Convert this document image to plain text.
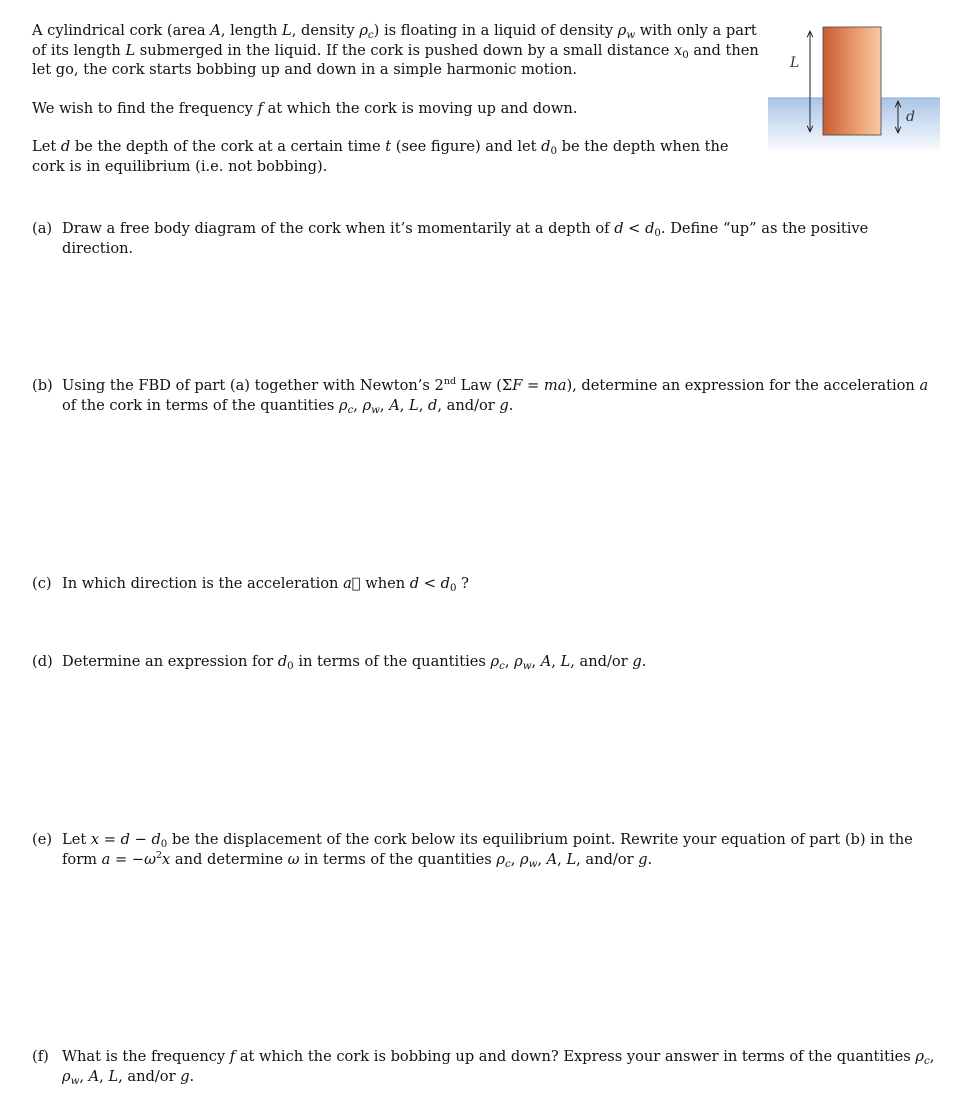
A cylindrical cork (area A, length L, density $\rho_c$) is floating in a liquid of density $\rho_w$ with only a part of its length L submerged in the liquid. If the cork is pushed down by a small distance $x_0$ and then let go, the cork starts bobbing up and down in a simple harmonic motion.

We wish to find the frequency f at which the cork is moving up and down.

Let d be the depth of the cork at a certain time t (see figure) and let $d_0$ be the depth when the cork is in equilibrium (i.e. not bobbing).

L
d
(a) Draw a free body diagram of the cork when it’s momentarily at a depth of $d < d_0$. Define “up” as the positive direction.
(b) Using the FBD of part (a) together with Newton’s 2nd Law (ΣF = ma), determine an expression for the acceleration a of the cork in terms of the quantities $\rho_c$, $\rho_w$, A, L, d, and/or g.
(c) In which direction is the acceleration a⃗ when $d < d_0$ ?
(d) Determine an expression for $d_0$ in terms of the quantities $\rho_c$, $\rho_w$, A, L, and/or g.
(e) Let $x = d - d_0$ be the displacement of the cork below its equilibrium point. Rewrite your equation of part (b) in the form $a = -\omega^2x$ and determine ω in terms of the quantities $\rho_c$, $\rho_w$, A, L, and/or g.
(f) What is the frequency f at which the cork is bobbing up and down? Express your answer in terms of the quantities $\rho_c$, $\rho_w$, A, L, and/or g.
